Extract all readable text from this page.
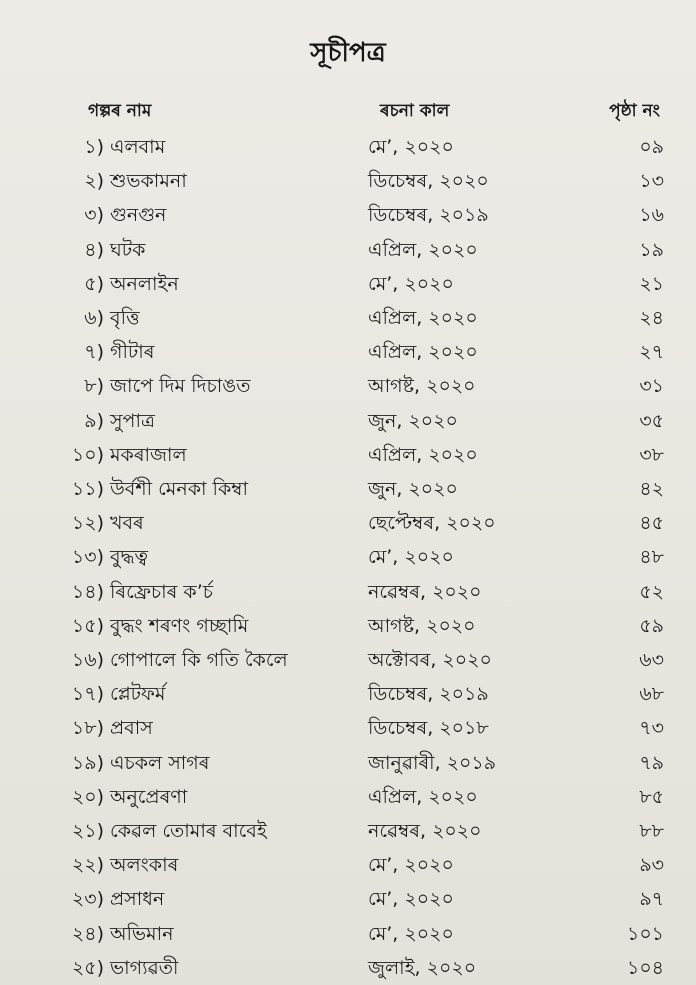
সূচীপত্ৰ
গল্পৰ নাম	ৰচনা কাল	পৃষ্ঠা নং
১) এলবাম	মে’, ২০২০	০৯
২) শুভকামনা	ডিচেম্বৰ, ২০২০	১৩
৩) গুনগুন	ডিচেম্বৰ, ২০১৯	১৬
৪) ঘটক	এপ্ৰিল, ২০২০	১৯
৫) অনলাইন	মে’, ২০২০	২১
৬) বৃত্তি	এপ্ৰিল, ২০২০	২৪
৭) গীটাৰ	এপ্ৰিল, ২০২০	২৭
৮) জাপে দিম দিচাঙত	আগষ্ট, ২০২০	৩১
৯) সুপাত্ৰ	জুন, ২০২০	৩৫
১০) মকৰাজাল	এপ্ৰিল, ২০২০	৩৮
১১) উৰ্বশী মেনকা কিম্বা	জুন, ২০২০	৪২
১২) খবৰ	ছেপ্টেম্বৰ, ২০২০	৪৫
১৩) বুদ্ধত্ব	মে’, ২০২০	৪৮
১৪) ৰিফ্ৰেচাৰ ক’ৰ্চ	নৱেম্বৰ, ২০২০	৫২
১৫) বুদ্ধং শৰণং গচ্ছামি	আগষ্ট, ২০২০	৫৯
১৬) গোপালে কি গতি কৈলে	অক্টোবৰ, ২০২০	৬৩
১৭) প্লেটফৰ্ম	ডিচেম্বৰ, ২০১৯	৬৮
১৮) প্ৰবাস	ডিচেম্বৰ, ২০১৮	৭৩
১৯) এচকল সাগৰ	জানুৱাৰী, ২০১৯	৭৯
২০) অনুপ্ৰেৰণা	এপ্ৰিল, ২০২০	৮৫
২১) কেৱল তোমাৰ বাবেই	নৱেম্বৰ, ২০২০	৮৮
২২) অলংকাৰ	মে’, ২০২০	৯৩
২৩) প্ৰসাধন	মে’, ২০২০	৯৭
২৪) অভিমান	মে’, ২০২০	১০১
২৫) ভাগ্যৱতী	জুলাই, ২০২০	১০৪
